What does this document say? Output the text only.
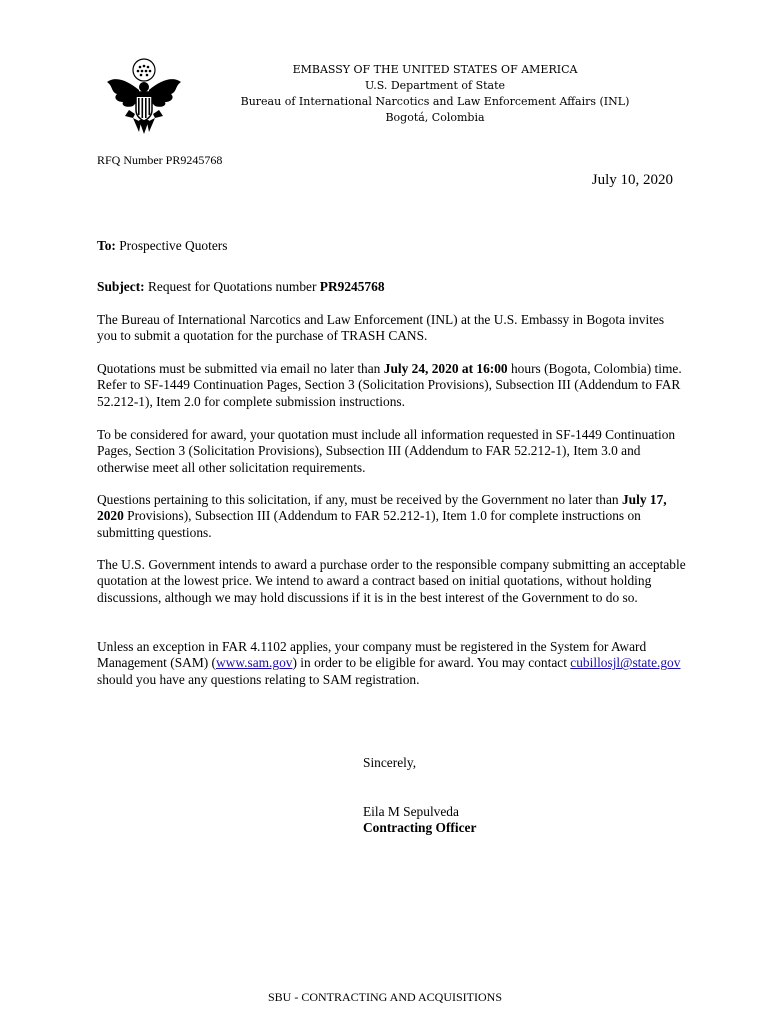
EMBASSY OF THE UNITED STATES OF AMERICA
U.S. Department of State
Bureau of International Narcotics and Law Enforcement Affairs (INL)
Bogotá, Colombia
RFQ Number PR9245768
July 10, 2020
To: Prospective Quoters
Subject: Request for Quotations number PR9245768
The Bureau of International Narcotics and Law Enforcement (INL) at the U.S. Embassy in Bogota invites you to submit a quotation for the purchase of TRASH CANS.
Quotations must be submitted via email no later than July 24, 2020 at 16:00 hours (Bogota, Colombia) time. Refer to SF-1449 Continuation Pages, Section 3 (Solicitation Provisions), Subsection III (Addendum to FAR 52.212-1), Item 2.0 for complete submission instructions.
To be considered for award, your quotation must include all information requested in SF-1449 Continuation Pages, Section 3 (Solicitation Provisions), Subsection III (Addendum to FAR 52.212-1), Item 3.0 and otherwise meet all other solicitation requirements.
Questions pertaining to this solicitation, if any, must be received by the Government no later than July 17, 2020 Provisions), Subsection III (Addendum to FAR 52.212-1), Item 1.0 for complete instructions on submitting questions.
The U.S. Government intends to award a purchase order to the responsible company submitting an acceptable quotation at the lowest price. We intend to award a contract based on initial quotations, without holding discussions, although we may hold discussions if it is in the best interest of the Government to do so.
Unless an exception in FAR 4.1102 applies, your company must be registered in the System for Award Management (SAM) (www.sam.gov) in order to be eligible for award. You may contact cubillosjl@state.gov should you have any questions relating to SAM registration.
Sincerely,
Eila M Sepulveda
Contracting Officer
SBU - CONTRACTING AND ACQUISITIONS
